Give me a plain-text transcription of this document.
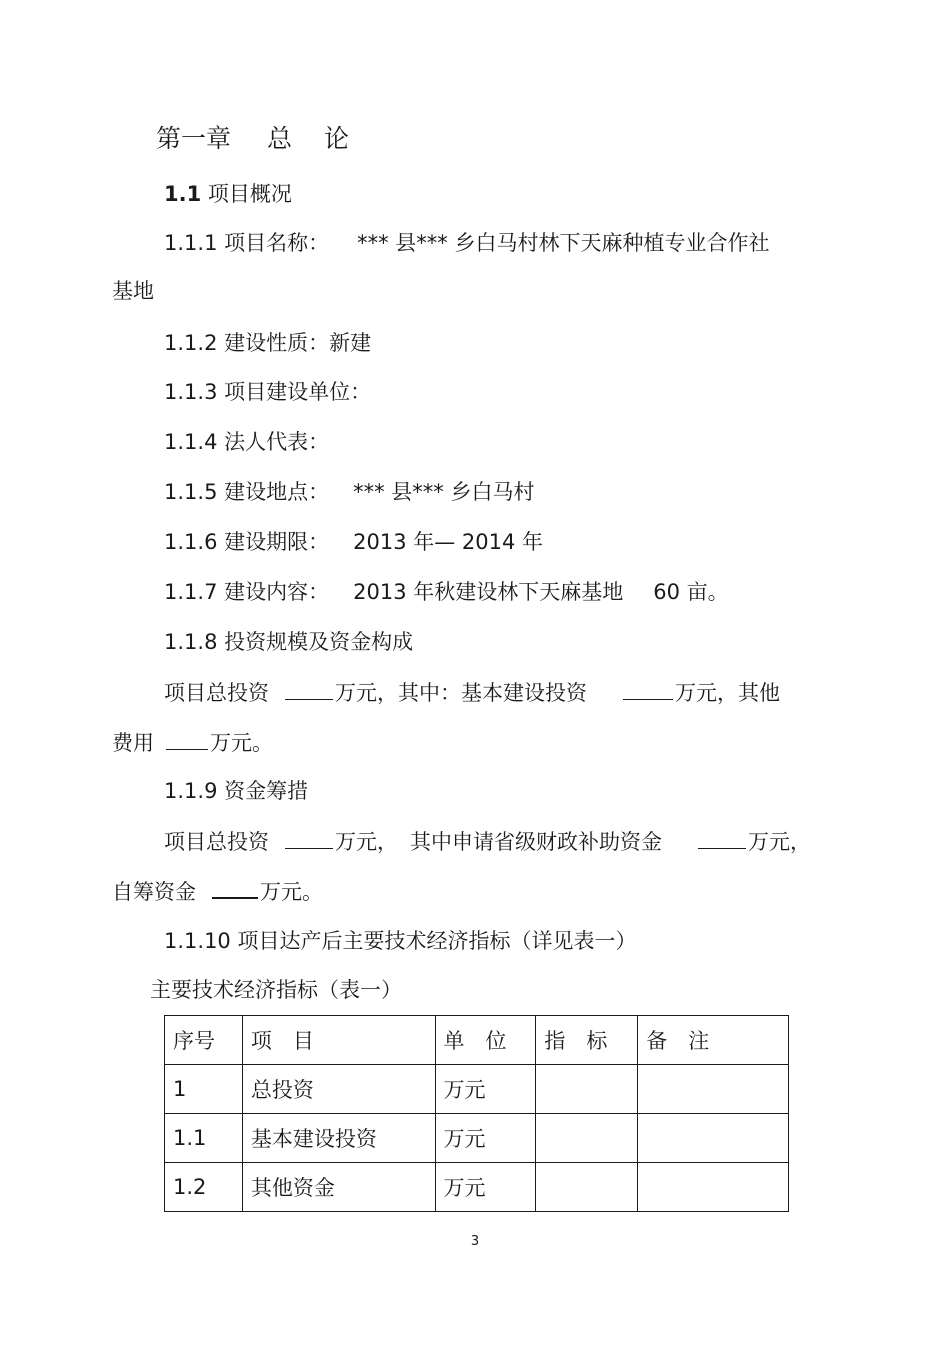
第一章 总 论
1.1 项目概况
1.1.1 项目名称： *** 县*** 乡白马村林下天麻种植专业合作社
基地
1.1.2 建设性质：新建
1.1.3 项目建设单位：
1.1.4 法人代表：
1.1.5 建设地点： *** 县*** 乡白马村
1.1.6 建设期限： 2013 年— 2014 年
1.1.7 建设内容： 2013 年秋建设林下天麻基地 60 亩。
1.1.8 投资规模及资金构成
项目总投资	万元，其中：基本建设投资	万元，其他
费用	万元。
1.1.9 资金筹措
项目总投资	万元， 其中申请省级财政补助资金	万元，
自筹资金	万元。
1.1.10 项目达产后主要技术经济指标（详见表一）
主要技术经济指标（表一）
序号	项　目	单　位	指　标	备　注
1	总投资	万元		
1.1	基本建设投资	万元		
1.2	其他资金	万元		
3
